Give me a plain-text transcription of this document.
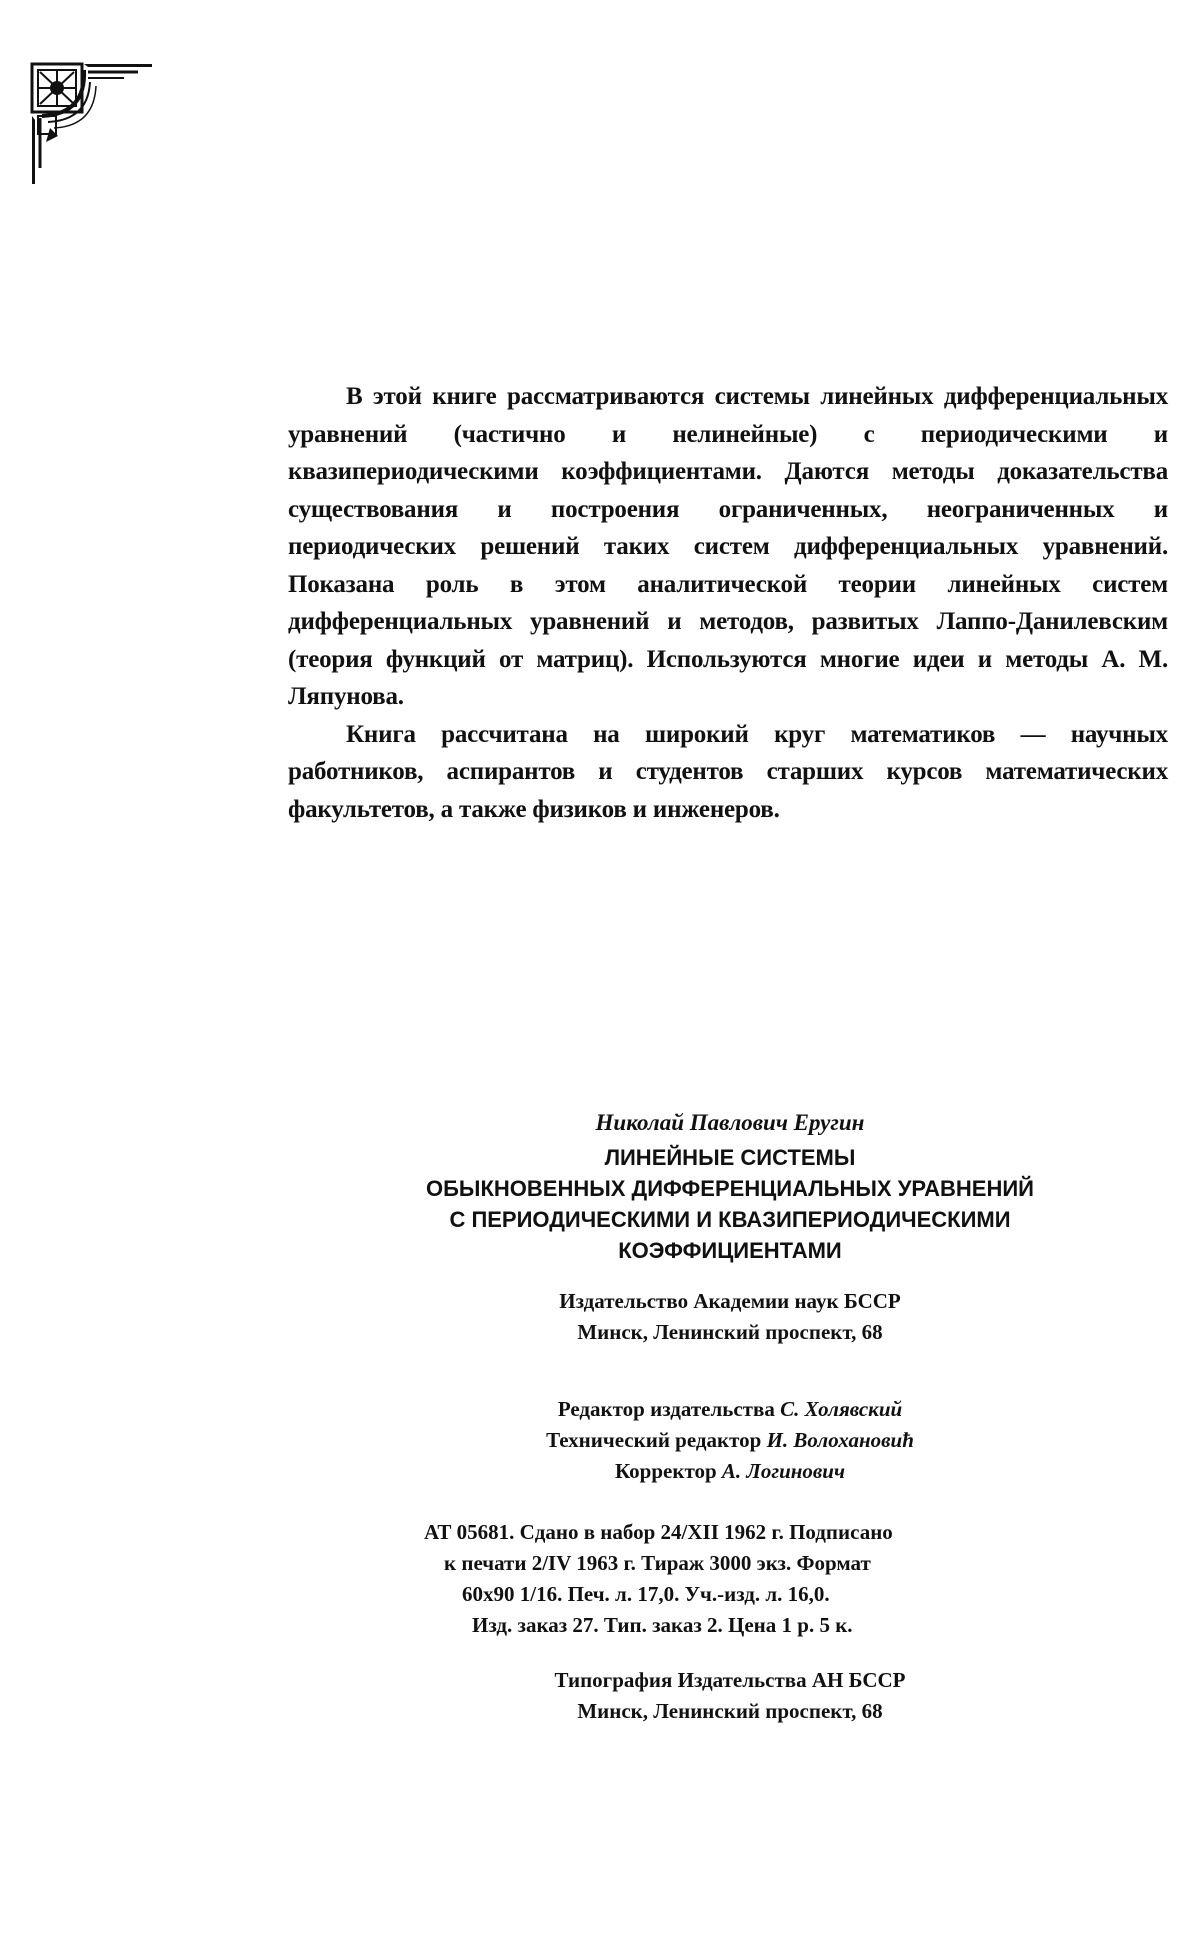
В этой книге рассматриваются системы линейных дифференциальных уравнений (частично и нелинейные) с периодическими и квазипериодическими коэффициентами. Даются методы доказательства существования и построения ограниченных, неограниченных и периодических решений таких систем дифференциальных уравнений. Показана роль в этом аналитической теории линейных систем дифференциальных уравнений и методов, развитых Лаппо-Данилевским (теория функций от матриц). Используются многие идеи и методы А. М. Ляпунова.

Книга рассчитана на широкий круг математиков — научных работников, аспирантов и студентов старших курсов математических факультетов, а также физиков и инженеров.

Николай Павлович Еругин
ЛИНЕЙНЫЕ СИСТЕМЫ
ОБЫКНОВЕННЫХ ДИФФЕРЕНЦИАЛЬНЫХ УРАВНЕНИЙ
С ПЕРИОДИЧЕСКИМИ И КВАЗИПЕРИОДИЧЕСКИМИ
КОЭФФИЦИЕНТАМИ
Издательство Академии наук БССР
Минск, Ленинский проспект, 68
Редактор издательства С. Холявский
Технический редактор И. Волохановић
Корректор А. Логинович
АТ 05681. Сдано в набор 24/XII 1962 г. Подписано
к печати 2/IV 1963 г. Тираж 3000 экз. Формат
60x90 1/16. Печ. л. 17,0. Уч.-изд. л. 16,0.
Изд. заказ 27. Тип. заказ 2. Цена 1 р. 5 к.
Типография Издательства АН БССР
Минск, Ленинский проспект, 68
